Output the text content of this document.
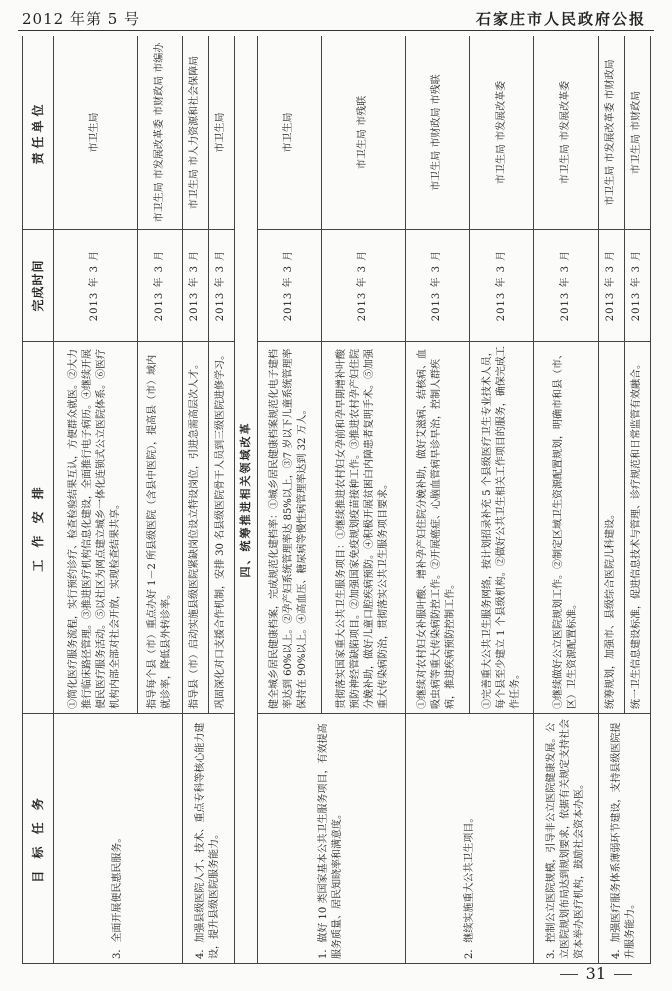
2012 年第 5 号	石家庄市人民政府公报
目 标 任 务	工 作 安 排	完成时间	责任单位
3．全面开展便民惠民服务。	①简化医疗服务流程，实行预约诊疗、检查检验结果互认，方便群众就医。②大力推行临床路径管理。③推进医疗机构信息化建设，全面推行电子病历。④继续开展便民医疗服务活动。⑤以社区为网点建立城乡一体化连锁式公立医院体系。⑥医疗机构内部全部对社会开放，实现检查结果共享。	2013 年 3 月	市卫生局
	指导每个县（市）重点办好 1－2 所县级医院（含县中医院），提高县（市）域内就诊率，降低县外转诊率。	2013 年 3 月	市卫生局 市发展改革委 市财政局 市编办
4．加强县级医院人才、技术、重点专科等核心能力建设，提升县级医院服务能力。	指导县（市）启动实施县级医院紧缺岗位设立特设岗位，引进急需高层次人才。	2013 年 3 月	市卫生局 市人力资源和社会保障局
	巩固深化对口支援合作机制，安排 30 名县级医院骨干人员到三级医院进修学习。	2013 年 3 月	市卫生局
四、统筹推进相关领域改革			
1．做好 10 类国家基本公共卫生服务项目，有效提高服务质量、居民知晓率和满意度。	健全城乡居民健康档案，完成规范化建档率：①城乡居民健康档案规范化电子建档率达到 60%以上。②孕产妇系统管理率达 85%以上，③7 岁以下儿童系统管理率保持在 90%以上。④高血压、糖尿病等慢性病管理率达到 32 万人。	2013 年 3 月	市卫生局
	贯彻落实国家重大公共卫生服务项目：①继续推进农村妇女孕前和孕早期增补叶酸预防神经管缺陷项目。②加强国家免疫规划疫苗接种工作。③推进农村孕产妇住院分娩补助，做好儿童口腔疾病预防。④积极开展贫困白内障患者复明手术。⑤加强重大传染病防治，贯彻落实公共卫生服务项目要求。	2013 年 3 月	市卫生局 市残联
2．继续实施重大公共卫生项目。	①继续对农村妇女补服叶酸、增补孕产妇住院分娩补助，做好艾滋病、结核病、血吸虫病等重大传染病防控工作。②开展癌症、心脑血管病早诊早治，控制人群疾病，推进疾病预防控制工作。	2013 年 3 月	市卫生局 市财政局 市残联
	①完善重大公共卫生服务网络，按计划招录补充 5 个县级医疗卫生专业技术人员，每个县至少建立 1 个县级机构。②做好公共卫生相关工作项目的服务，确保完成工作任务。	2013 年 3 月	市卫生局 市发展改革委
3．控制公立医院规模，引导非公立医院健康发展。公立医院规划布局达到规划要求，依据有关规定支持社会资本举办医疗机构，鼓励社会资本办医。	①继续做好公立医院规划工作。②制定区域卫生资源配置规划，明确市和县（市、区）卫生资源配置标准。	2013 年 3 月	市卫生局 市发展改革委
4．加强医疗服务体系薄弱环节建设，支持县级医院提升服务能力。	统筹规划，加强市、县级综合医院儿科建设。	2013 年 3 月	市卫生局 市发展改革委 市财政局
	统一卫生信息建设标准，促进信息技术与管理、诊疗规范和日常监管有效融合。	2013 年 3 月	市卫生局 市财政局
31
